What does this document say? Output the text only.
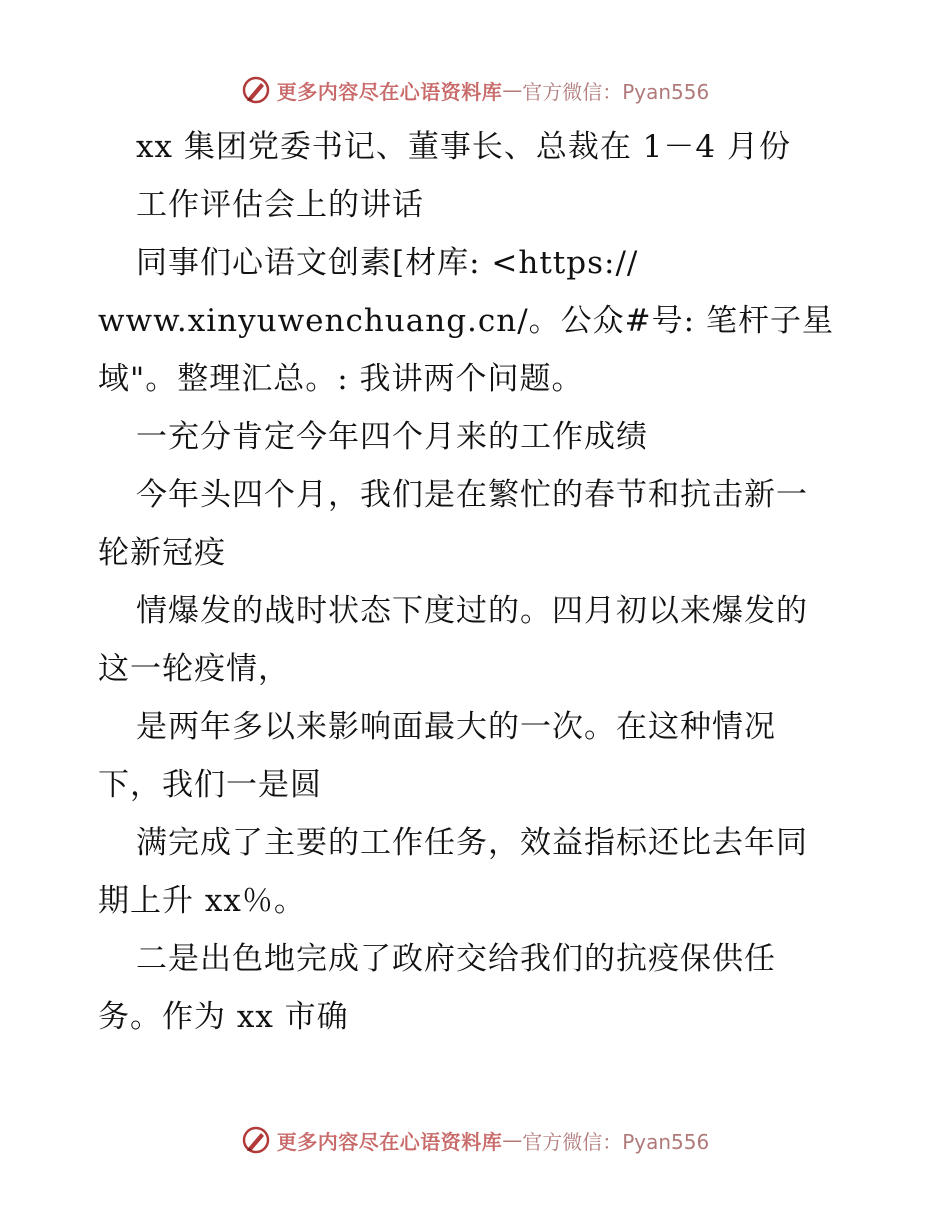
更多内容尽在心语资料库 — 官方微信：Pyan556
xx 集团党委书记、董事长、总裁在 1－4 月份
工作评估会上的讲话
同事们心语文创素[材库: <https://
www.xinyuwenchuang.cn/。公众#号: 笔杆子星
域"。整理汇总。: 我讲两个问题。
一充分肯定今年四个月来的工作成绩
今年头四个月，我们是在繁忙的春节和抗击新一
轮新冠疫
情爆发的战时状态下度过的。四月初以来爆发的
这一轮疫情，
是两年多以来影响面最大的一次。在这种情况
下，我们一是圆
满完成了主要的工作任务，效益指标还比去年同
期上升 xx％。
二是出色地完成了政府交给我们的抗疫保供任
务。作为 xx 市确
更多内容尽在心语资料库 — 官方微信：Pyan556
